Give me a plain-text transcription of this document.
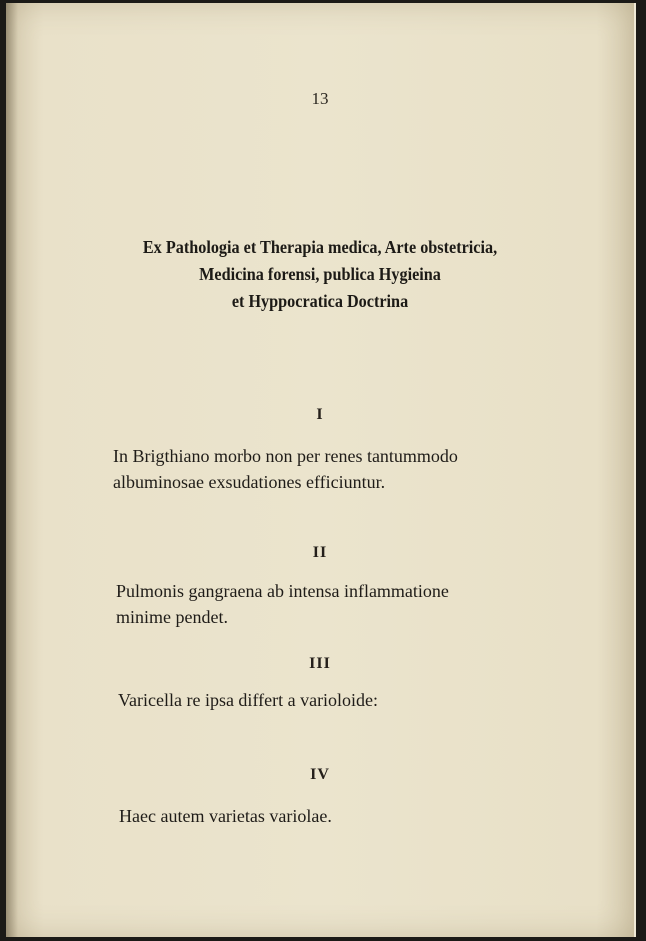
13
Ex Pathologia et Therapia medica, Arte obstetricia,
Medicina forensi, publica Hygieina
et Hyppocratica Doctrina
I
In Brigthiano morbo non per renes tantummodo
albuminosae exsudationes efficiuntur.
II
Pulmonis gangraena ab intensa inflammatione
minime pendet.
III
Varicella re ipsa differt a varioloide:
IV
Haec autem varietas variolae.
